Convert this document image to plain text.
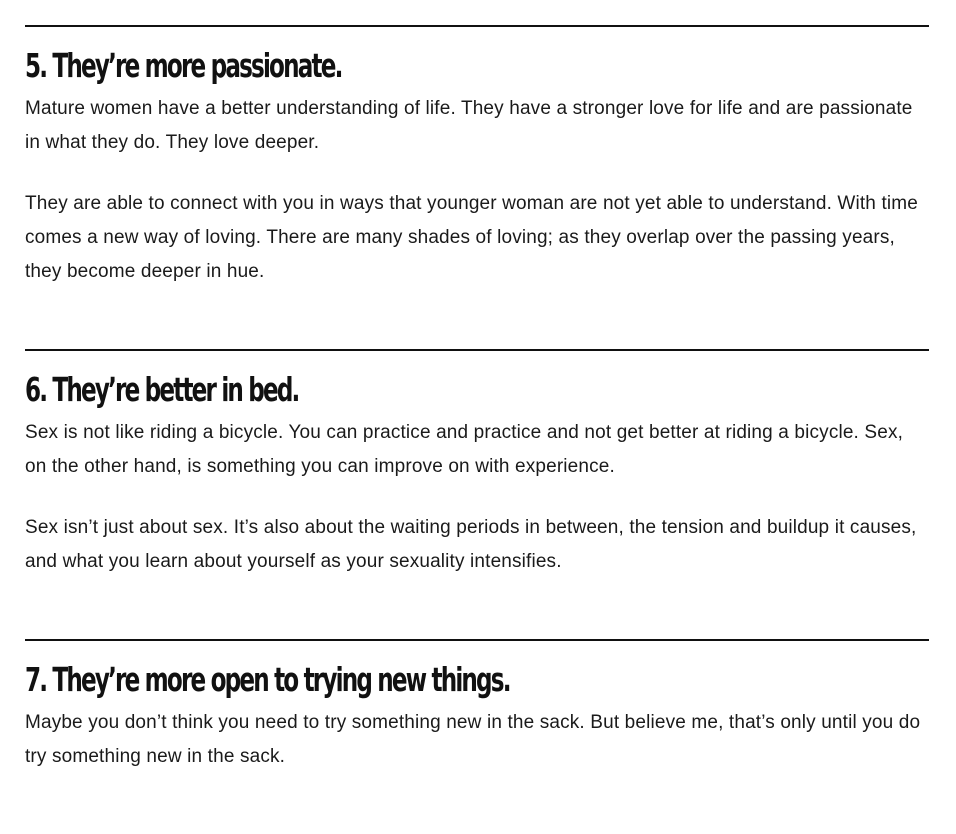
5. They’re more passionate.

Mature women have a better understanding of life. They have a stronger love for life and are passionate in what they do. They love deeper.

They are able to connect with you in ways that younger woman are not yet able to understand. With time comes a new way of loving. There are many shades of loving; as they overlap over the passing years, they become deeper in hue.

6. They’re better in bed.

Sex is not like riding a bicycle. You can practice and practice and not get better at riding a bicycle. Sex, on the other hand, is something you can improve on with experience.

Sex isn’t just about sex. It’s also about the waiting periods in between, the tension and buildup it causes, and what you learn about yourself as your sexuality intensifies.

7. They’re more open to trying new things.

Maybe you don’t think you need to try something new in the sack. But believe me, that’s only until you do try something new in the sack.
